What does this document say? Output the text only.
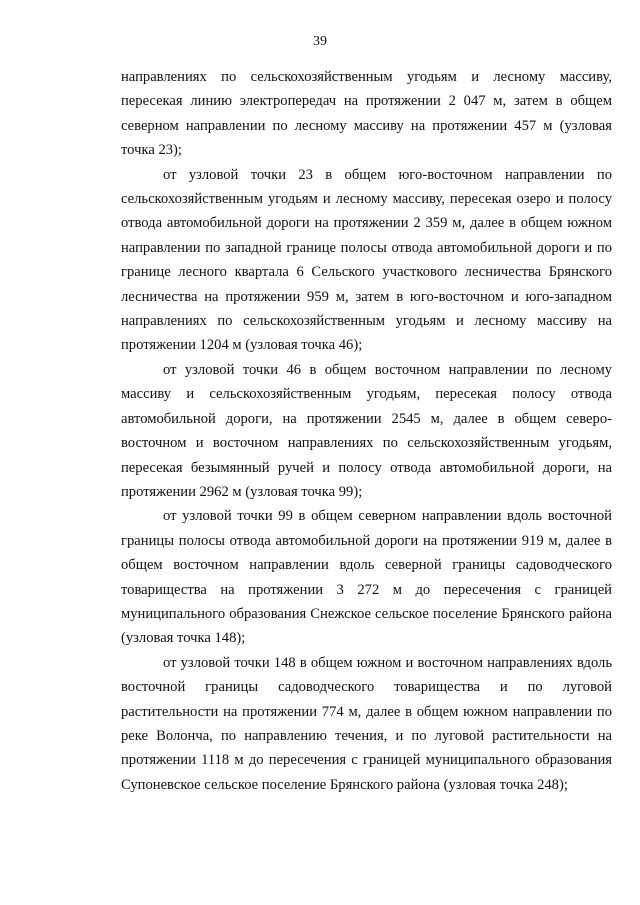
39

направлениях по сельскохозяйственным угодьям и лесному массиву, пересекая линию электропередач на протяжении 2 047 м, затем в общем северном направлении по лесному массиву на протяжении 457 м (узловая точка 23);

от узловой точки 23 в общем юго-восточном направлении по сельскохозяйственным угодьям и лесному массиву, пересекая озеро и полосу отвода автомобильной дороги на протяжении 2 359 м, далее в общем южном направлении по западной границе полосы отвода автомобильной дороги и по границе лесного квартала 6 Сельского участкового лесничества Брянского лесничества на протяжении 959 м, затем в юго-восточном и юго-западном направлениях по сельскохозяйственным угодьям и лесному массиву на протяжении 1204 м (узловая точка 46);

от узловой точки 46 в общем восточном направлении по лесному массиву и сельскохозяйственным угодьям, пересекая полосу отвода автомобильной дороги, на протяжении 2545 м, далее в общем северо-восточном и восточном направлениях по сельскохозяйственным угодьям, пересекая безымянный ручей и полосу отвода автомобильной дороги, на протяжении 2962 м (узловая точка 99);

от узловой точки 99 в общем северном направлении вдоль восточной границы полосы отвода автомобильной дороги на протяжении 919 м, далее в общем восточном направлении вдоль северной границы садоводческого товарищества на протяжении 3 272 м до пересечения с границей муниципального образования Снежское сельское поселение Брянского района (узловая точка 148);

от узловой точки 148 в общем южном и восточном направлениях вдоль восточной границы садоводческого товарищества и по луговой растительности на протяжении 774 м, далее в общем южном направлении по реке Волонча, по направлению течения, и по луговой растительности на протяжении 1118 м до пересечения с границей муниципального образования Супоневское сельское поселение Брянского района (узловая точка 248);
